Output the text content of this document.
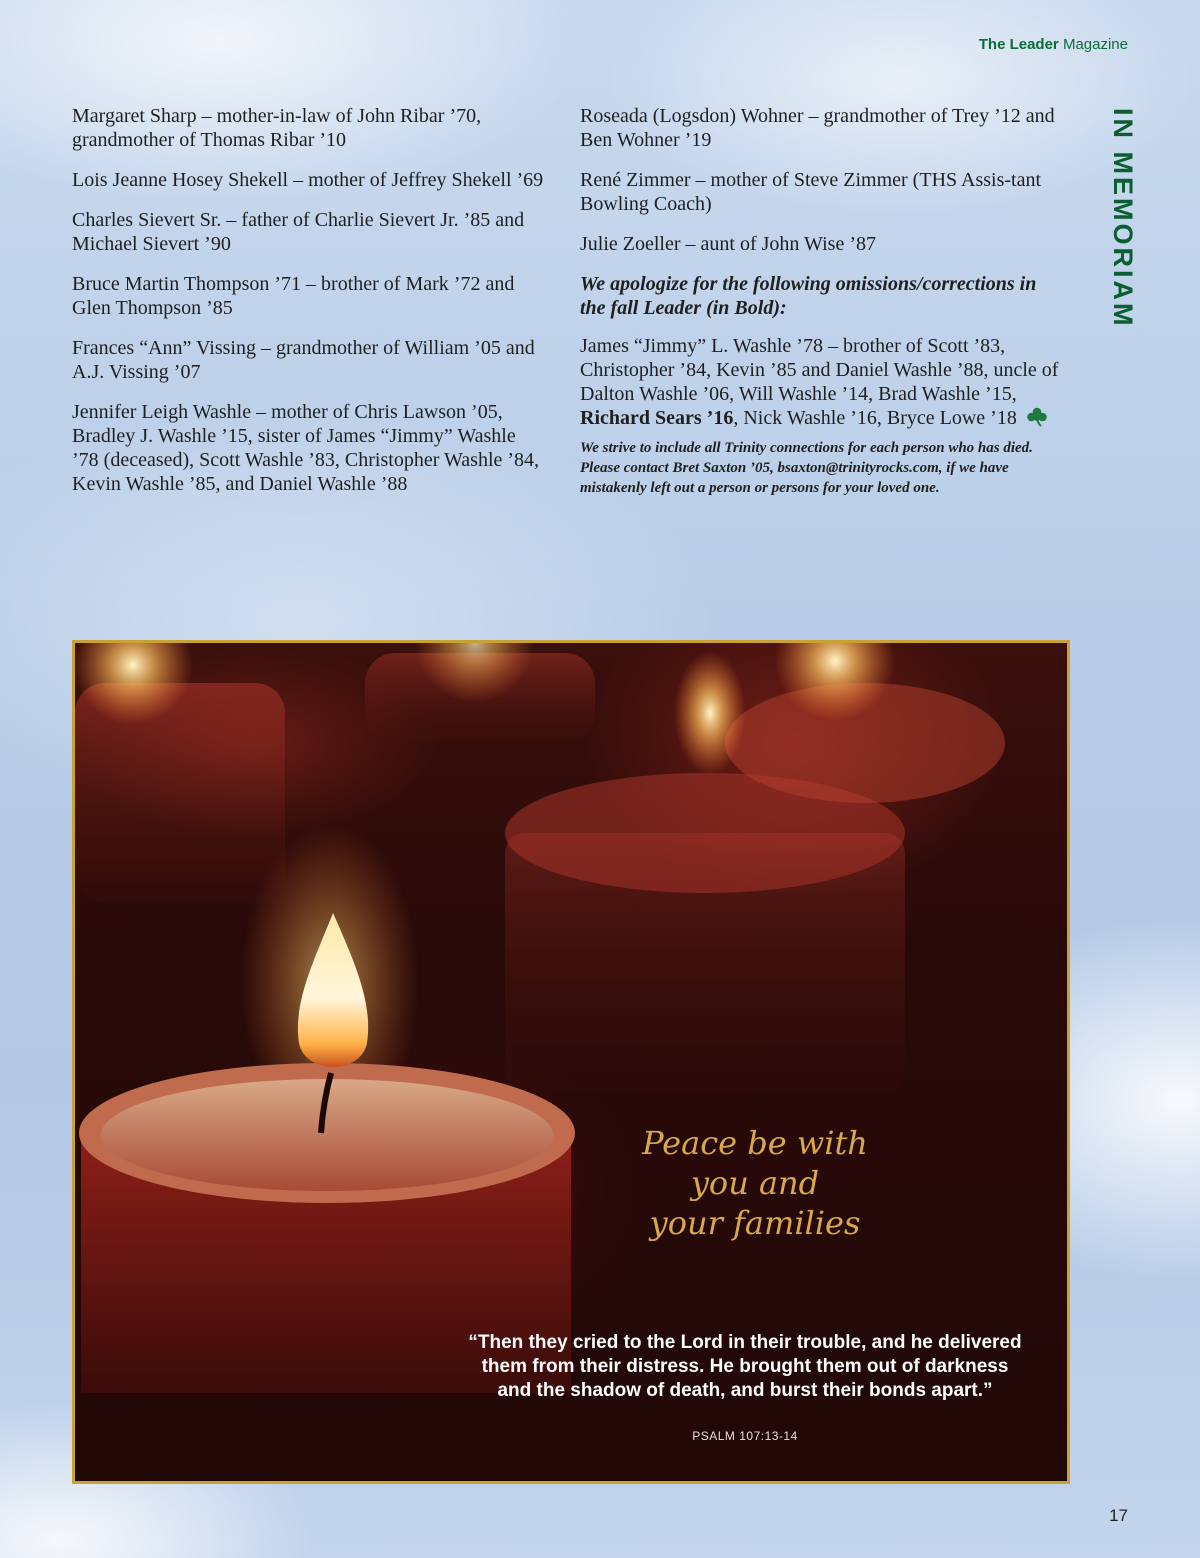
The Leader Magazine
IN MEMORIAM

Margaret Sharp – mother-in-law of John Ribar ’70, grandmother of Thomas Ribar ’10

Lois Jeanne Hosey Shekell – mother of Jeffrey Shekell ’69

Charles Sievert Sr. – father of Charlie Sievert Jr. ’85 and Michael Sievert ’90

Bruce Martin Thompson ’71 – brother of Mark ’72 and Glen Thompson ’85

Frances “Ann” Vissing – grandmother of William ’05 and A.J. Vissing ’07

Jennifer Leigh Washle – mother of Chris Lawson ’05, Bradley J. Washle ’15, sister of James “Jimmy” Washle ’78 (deceased), Scott Washle ’83, Christopher Washle ’84, Kevin Washle ’85, and Daniel Washle ’88

Roseada (Logsdon) Wohner – grandmother of Trey ’12 and Ben Wohner ’19

René Zimmer – mother of Steve Zimmer (THS Assis-tant Bowling Coach)

Julie Zoeller – aunt of John Wise ’87

We apologize for the following omissions/corrections in the fall Leader (in Bold):

James “Jimmy” L. Washle ’78 – brother of Scott ’83, Christopher ’84, Kevin ’85 and Daniel Washle ’88, uncle of Dalton Washle ’06, Will Washle ’14, Brad Washle ’15, Richard Sears ’16, Nick Washle ’16, Bryce Lowe ’18

We strive to include all Trinity connections for each person who has died. Please contact Bret Saxton ’05, bsaxton@trinityrocks.com, if we have mistakenly left out a person or persons for your loved one.

Peace be with
you and
your families
“Then they cried to the Lord in their trouble, and he delivered them from their distress. He brought them out of darkness and the shadow of death, and burst their bonds apart.”
PSALM 107:13-14
17
